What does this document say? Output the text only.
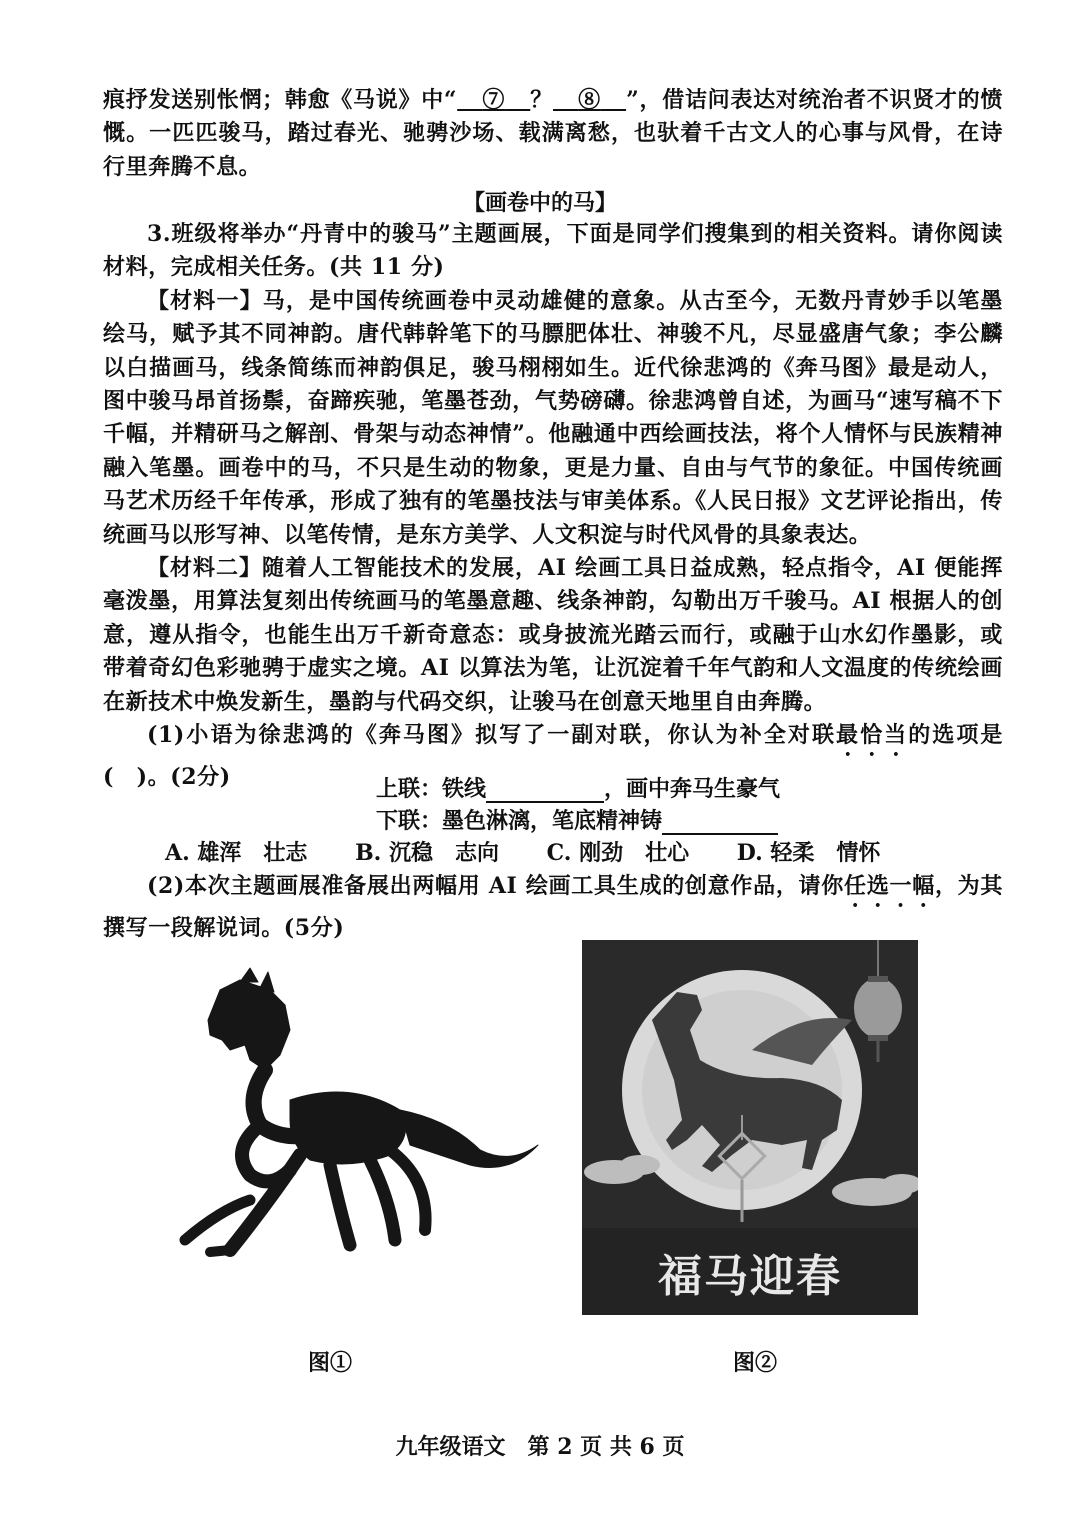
痕抒发送别怅惘；韩愈《马说》中“ ⑦ ？ ⑧ ”，借诘问表达对统治者不识贤才的愤慨。一匹匹骏马，踏过春光、驰骋沙场、载满离愁，也驮着千古文人的心事与风骨，在诗行里奔腾不息。

【画卷中的马】

3.班级将举办“丹青中的骏马”主题画展，下面是同学们搜集到的相关资料。请你阅读材料，完成相关任务。(共 11 分)

【材料一】马，是中国传统画卷中灵动雄健的意象。从古至今，无数丹青妙手以笔墨绘马，赋予其不同神韵。唐代韩幹笔下的马膘肥体壮、神骏不凡，尽显盛唐气象；李公麟以白描画马，线条简练而神韵俱足，骏马栩栩如生。近代徐悲鸿的《奔马图》最是动人，图中骏马昂首扬鬃，奋蹄疾驰，笔墨苍劲，气势磅礴。徐悲鸿曾自述，为画马“速写稿不下千幅，并精研马之解剖、骨架与动态神情”。他融通中西绘画技法，将个人情怀与民族精神融入笔墨。画卷中的马，不只是生动的物象，更是力量、自由与气节的象征。中国传统画马艺术历经千年传承，形成了独有的笔墨技法与审美体系。《人民日报》文艺评论指出，传统画马以形写神、以笔传情，是东方美学、人文积淀与时代风骨的具象表达。

【材料二】随着人工智能技术的发展，AI 绘画工具日益成熟，轻点指令，AI 便能挥毫泼墨，用算法复刻出传统画马的笔墨意趣、线条神韵，勾勒出万千骏马。AI 根据人的创意，遵从指令，也能生出万千新奇意态：或身披流光踏云而行，或融于山水幻作墨影，或带着奇幻色彩驰骋于虚实之境。AI 以算法为笔，让沉淀着千年气韵和人文温度的传统绘画在新技术中焕发新生，墨韵与代码交织，让骏马在创意天地里自由奔腾。

(1)小语为徐悲鸿的《奔马图》拟写了一副对联，你认为补全对联最恰当的选项是(　)。(2分)	上联：铁线	，画中奔马生豪气
下联：墨色淋漓，笔底精神铸
A. 雄浑　壮志 B. 沉稳　志向 C. 刚劲　壮心 D. 轻柔　情怀

(2)本次主题画展准备展出两幅用 AI 绘画工具生成的创意作品，请你任选一幅，为其撰写一段解说词。(5分)

福马迎春
图①	图②
九年级语文　第 2 页 共 6 页
